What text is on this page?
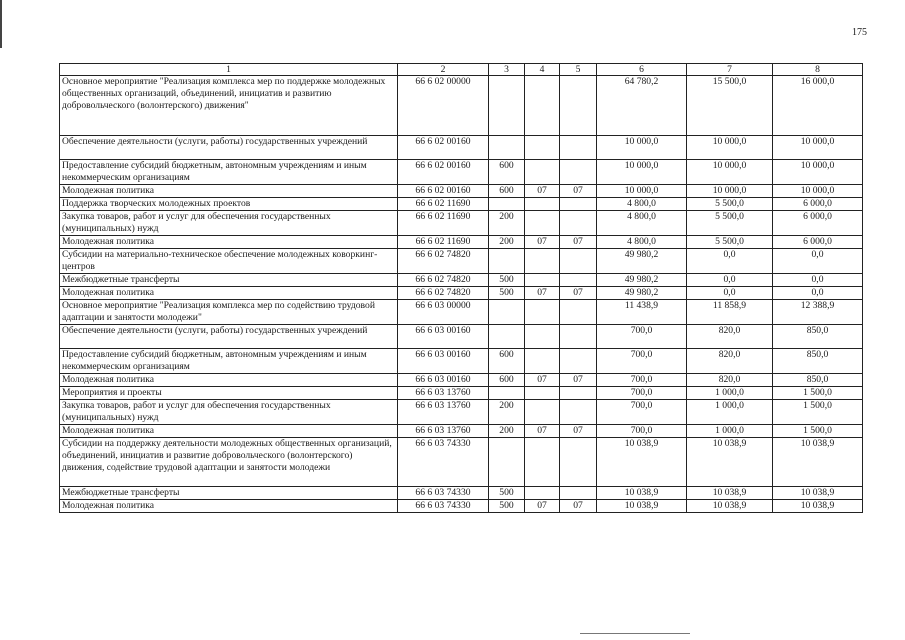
175
1	2	3	4	5	6	7	8
Основное мероприятие "Реализация комплекса мер по поддержке молодежных общественных организаций, объединений, инициатив и развитию добровольческого (волонтерского) движения"	66 6 02 00000				64 780,2	15 500,0	16 000,0
Обеспечение деятельности (услуги, работы) государственных учреждений	66 6 02 00160				10 000,0	10 000,0	10 000,0
Предоставление субсидий бюджетным, автономным учреждениям и иным некоммерческим организациям	66 6 02 00160	600			10 000,0	10 000,0	10 000,0
Молодежная политика	66 6 02 00160	600	07	07	10 000,0	10 000,0	10 000,0
Поддержка творческих молодежных проектов	66 6 02 11690				4 800,0	5 500,0	6 000,0
Закупка товаров, работ и услуг для обеспечения государственных (муниципальных) нужд	66 6 02 11690	200			4 800,0	5 500,0	6 000,0
Молодежная политика	66 6 02 11690	200	07	07	4 800,0	5 500,0	6 000,0
Субсидии на материально-техническое обеспечение молодежных коворкинг-центров	66 6 02 74820				49 980,2	0,0	0,0
Межбюджетные трансферты	66 6 02 74820	500			49 980,2	0,0	0,0
Молодежная политика	66 6 02 74820	500	07	07	49 980,2	0,0	0,0
Основное мероприятие "Реализация комплекса мер по содействию трудовой адаптации и занятости молодежи"	66 6 03 00000				11 438,9	11 858,9	12 388,9
Обеспечение деятельности (услуги, работы) государственных учреждений	66 6 03 00160				700,0	820,0	850,0
Предоставление субсидий бюджетным, автономным учреждениям и иным некоммерческим организациям	66 6 03 00160	600			700,0	820,0	850,0
Молодежная политика	66 6 03 00160	600	07	07	700,0	820,0	850,0
Мероприятия и проекты	66 6 03 13760				700,0	1 000,0	1 500,0
Закупка товаров, работ и услуг для обеспечения государственных (муниципальных) нужд	66 6 03 13760	200			700,0	1 000,0	1 500,0
Молодежная политика	66 6 03 13760	200	07	07	700,0	1 000,0	1 500,0
Субсидии на поддержку деятельности молодежных общественных организаций, объединений, инициатив и развитие добровольческого (волонтерского) движения, содействие трудовой адаптации и занятости молодежи	66 6 03 74330				10 038,9	10 038,9	10 038,9
Межбюджетные трансферты	66 6 03 74330	500			10 038,9	10 038,9	10 038,9
Молодежная политика	66 6 03 74330	500	07	07	10 038,9	10 038,9	10 038,9
